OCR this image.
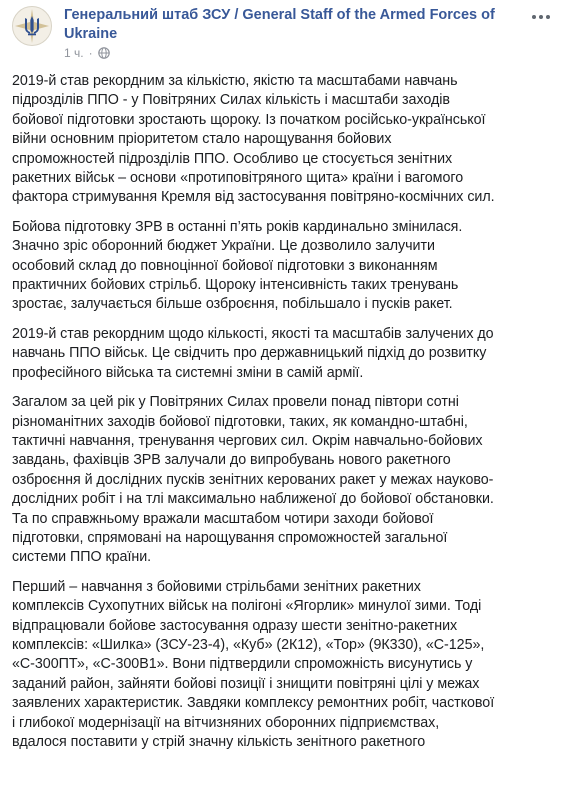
Генеральний штаб ЗСУ / General Staff of the Armed Forces of Ukraine
1 ч. ·

2019-й став рекордним за кількістю, якістю та масштабами навчань
підрозділів ППО - у Повітряних Силах кількість і масштаби заходів
бойової підготовки зростають щороку. Із початком російсько-української
війни основним пріоритетом стало нарощування бойових
спроможностей підрозділів ППО. Особливо це стосується зенітних
ракетних військ – основи «протиповітряного щита» країни і вагомого
фактора стримування Кремля від застосування повітряно-космічних сил.

Бойова підготовку ЗРВ в останні п’ять років кардинально змінилася.
Значно зріс оборонний бюджет України. Це дозволило залучити
особовий склад до повноцінної бойової підготовки з виконанням
практичних бойових стрільб. Щороку інтенсивність таких тренувань
зростає, залучається більше озброєння, побільшало і пусків ракет.

2019-й став рекордним щодо кількості, якості та масштабів залучених до
навчань ППО військ. Це свідчить про державницький підхід до розвитку
професійного війська та системні зміни в самій армії.

Загалом за цей рік у Повітряних Силах провели понад півтори сотні
різноманітних заходів бойової підготовки, таких, як командно-штабні,
тактичні навчання, тренування чергових сил. Окрім навчально-бойових
завдань, фахівців ЗРВ залучали до випробувань нового ракетного
озброєння й дослідних пусків зенітних керованих ракет у межах науково-
дослідних робіт і на тлі максимально наближеної до бойової обстановки.
Та по справжньому вражали масштабом чотири заходи бойової
підготовки, спрямовані на нарощування спроможностей загальної
системи ППО країни.

Перший – навчання з бойовими стрільбами зенітних ракетних
комплексів Сухопутних військ на полігоні «Ягорлик» минулої зими. Тоді
відпрацювали бойове застосування одразу шести зенітно-ракетних
комплексів: «Шилка» (ЗСУ-23-4), «Куб» (2К12), «Тор» (9К330), «С-125»,
«С-300ПТ», «С-300В1». Вони підтвердили спроможність висунутись у
заданий район, зайняти бойові позиції і знищити повітряні цілі у межах
заявлених характеристик. Завдяки комплексу ремонтних робіт, часткової
і глибокої модернізації на вітчизняних оборонних підприємствах,
вдалося поставити у стрій значну кількість зенітного ракетного
